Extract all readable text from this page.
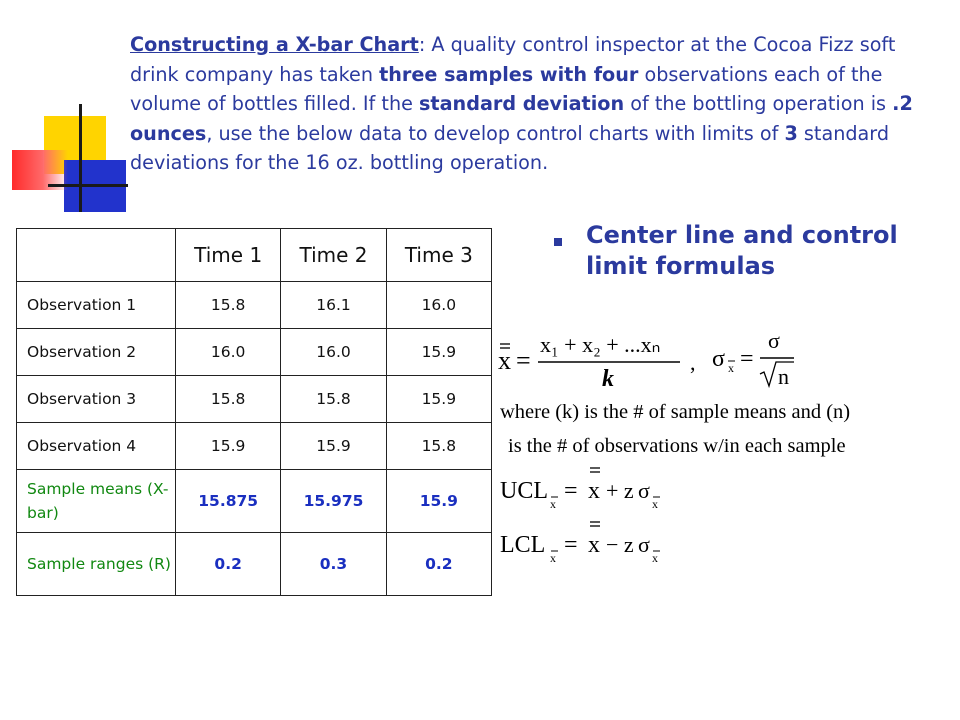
Constructing a X-bar Chart: A quality control inspector at the Cocoa Fizz soft drink company has taken three samples with four observations each of the volume of bottles filled. If the standard deviation of the bottling operation is .2 ounces, use the below data to develop control charts with limits of 3 standard deviations for the 16 oz. bottling operation.

	Time 1	Time 2	Time 3
Observation 1	15.8	16.1	16.0
Observation 2	16.0	16.0	15.9
Observation 3	15.8	15.8	15.9
Observation 4	15.9	15.9	15.8
Sample means (X-bar)	15.875	15.975	15.9
Sample ranges (R)	0.2	0.3	0.2

Center line and control limit formulas

x =
x₁ + x₂ + ...xₙ
k
, σ x =
σ
n
where (k) is the # of sample means and (n)
is the # of observations w/in each sample
UCL x = x + z σ
x
LCL x = x − z σ
x
